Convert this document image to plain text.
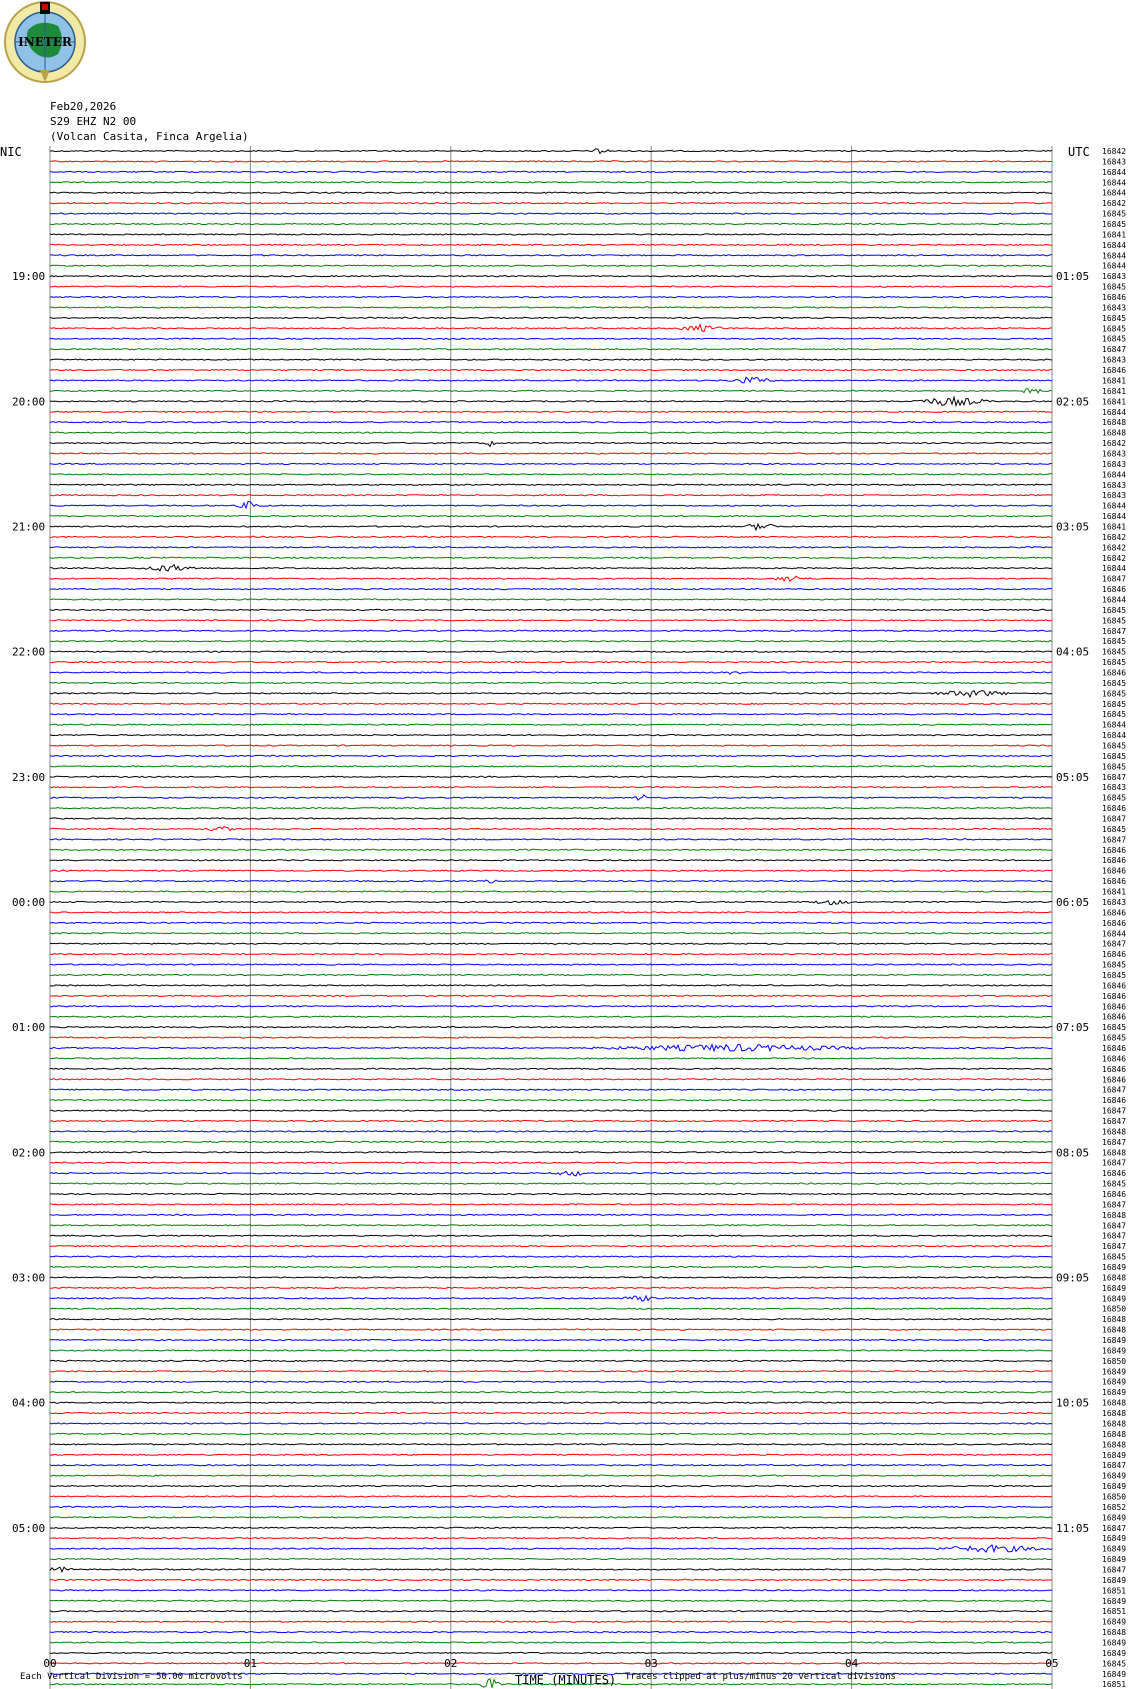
INETER
Feb20,2026
S29 EHZ N2 00
(Volcan Casita, Finca Argelia)
19:00
20:00
21:00
22:00
23:00
00:00
01:00
02:00
03:00
04:00
05:00
01:05
02:05
03:05
04:05
05:05
06:05
07:05
08:05
09:05
10:05
11:05
16842
16843
16844
16844
16844
16842
16845
16845
16841
16844
16844
16844
16843
16845
16846
16843
16845
16845
16845
16847
16843
16846
16841
16841
16841
16844
16848
16848
16842
16843
16843
16844
16843
16843
16844
16844
16841
16842
16842
16842
16844
16847
16846
16844
16845
16845
16847
16845
16845
16845
16846
16845
16845
16845
16845
16844
16844
16845
16845
16845
16847
16843
16845
16846
16847
16845
16847
16846
16846
16846
16846
16841
16843
16846
16846
16844
16847
16846
16845
16845
16846
16846
16846
16846
16845
16845
16846
16846
16846
16846
16847
16846
16847
16847
16848
16847
16848
16847
16846
16845
16846
16847
16848
16847
16847
16847
16845
16849
16848
16849
16849
16850
16848
16848
16849
16849
16850
16849
16849
16849
16848
16848
16848
16848
16848
16849
16847
16849
16849
16850
16852
16849
16847
16849
16849
16849
16847
16849
16851
16849
16851
16849
16848
16849
16849
16845
16849
16851
00	01	02	03	04	05
NIC	UTC
TIME (MINUTES)
Each Vertical Division = 50.00 microvolts	Traces clipped at plus/minus 20 vertical divisions
